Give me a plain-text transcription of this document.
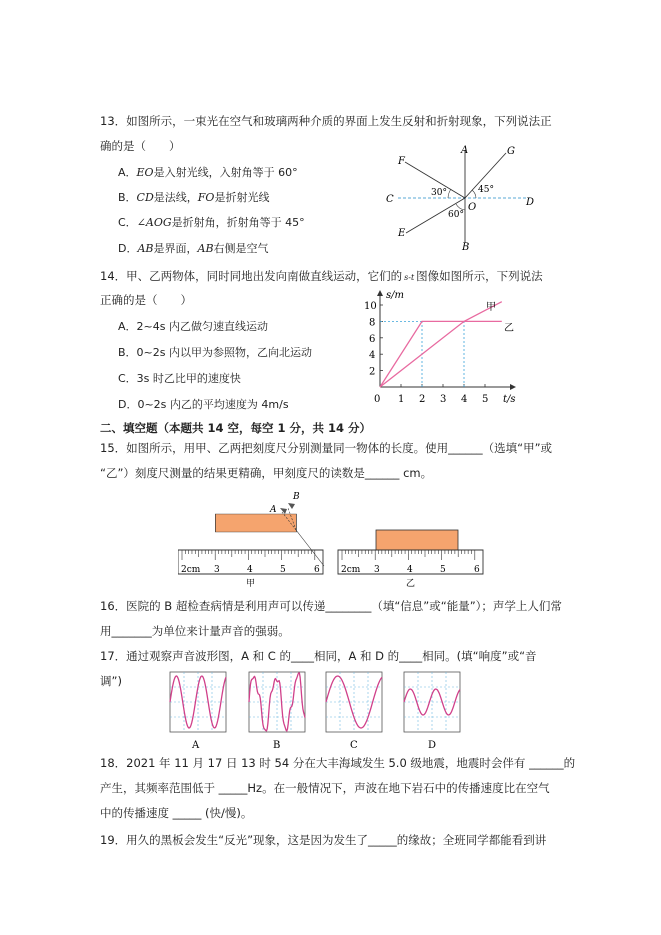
13．如图所示，一束光在空气和玻璃两种介质的界面上发生反射和折射现象，下列说法正
确的是（　　）
A．EO是入射光线，入射角等于 60°
B．CD是法线，FO是折射光线
C．∠AOG是折射角，折射角等于 45°
D．AB是界面，AB右侧是空气
A
B
C	D
E
F
G
O
30°	45°
60°
14．甲、乙两物体，同时同地出发向南做直线运动，它们的 s-t 图像如图所示，下列说法
正确的是（　　）
A．2~4s 内乙做匀速直线运动
B．0~2s 内以甲为参照物，乙向北运动
C．3s 时乙比甲的速度快
D．0~2s 内乙的平均速度为 4m/s	1 2 3 4 5
2
4
6
8
10
s/m
t/s
0
甲
乙
二、填空题（本题共 14 空，每空 1 分，共 14 分）
15．如图所示，用甲、乙两把刻度尺分别测量同一物体的长度。使用______（选填“甲”或
“乙”）刻度尺测量的结果更精确，甲刻度尺的读数是______ cm。
2cm 3	4	5	6
甲
A
B
2cm 3	4	5	6
乙
16．医院的 B 超检查病情是利用声可以传递________（填“信息”或“能量”）；声学上人们常
用_______为单位来计量声音的强弱。
17．通过观察声音波形图，A 和 C 的____相同，A 和 D 的____相同。(填“响度”或“音
调”)
A	B	C	D
18．2021 年 11 月 17 日 13 时 54 分在大丰海域发生 5.0 级地震，地震时会伴有 ______的
产生，其频率范围低于 _____Hz。在一般情况下，声波在地下岩石中的传播速度比在空气
中的传播速度 _____ (快/慢)。
19．用久的黑板会发生“反光”现象，这是因为发生了_____的缘故；全班同学都能看到讲
